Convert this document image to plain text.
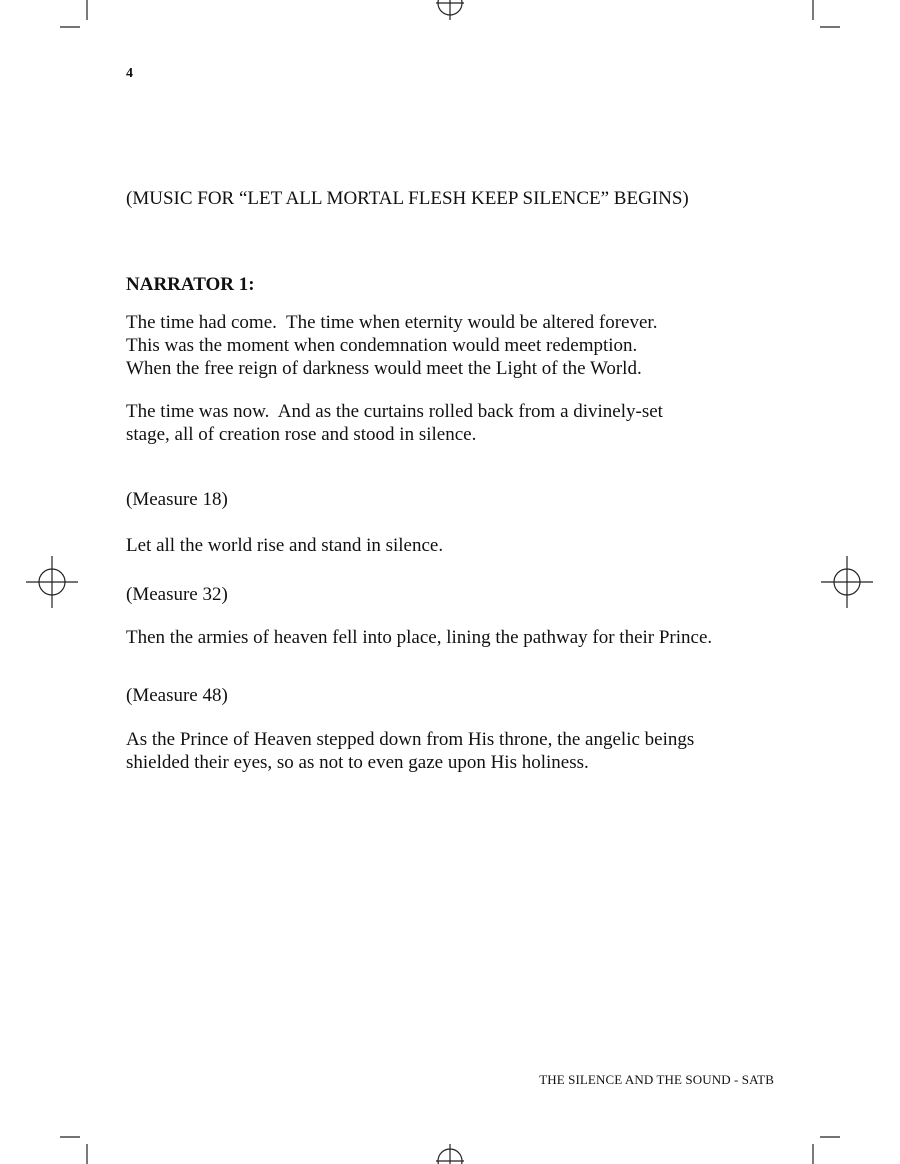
4
(MUSIC FOR “LET ALL MORTAL FLESH KEEP SILENCE” BEGINS)
NARRATOR 1:
The time had come.  The time when eternity would be altered forever.
This was the moment when condemnation would meet redemption.
When the free reign of darkness would meet the Light of the World.
The time was now.  And as the curtains rolled back from a divinely-set
stage, all of creation rose and stood in silence.
(Measure 18)
Let all the world rise and stand in silence.
(Measure 32)
Then the armies of heaven fell into place, lining the pathway for their Prince.
(Measure 48)
As the Prince of Heaven stepped down from His throne, the angelic beings
shielded their eyes, so as not to even gaze upon His holiness.
THE SILENCE AND THE SOUND - SATB
